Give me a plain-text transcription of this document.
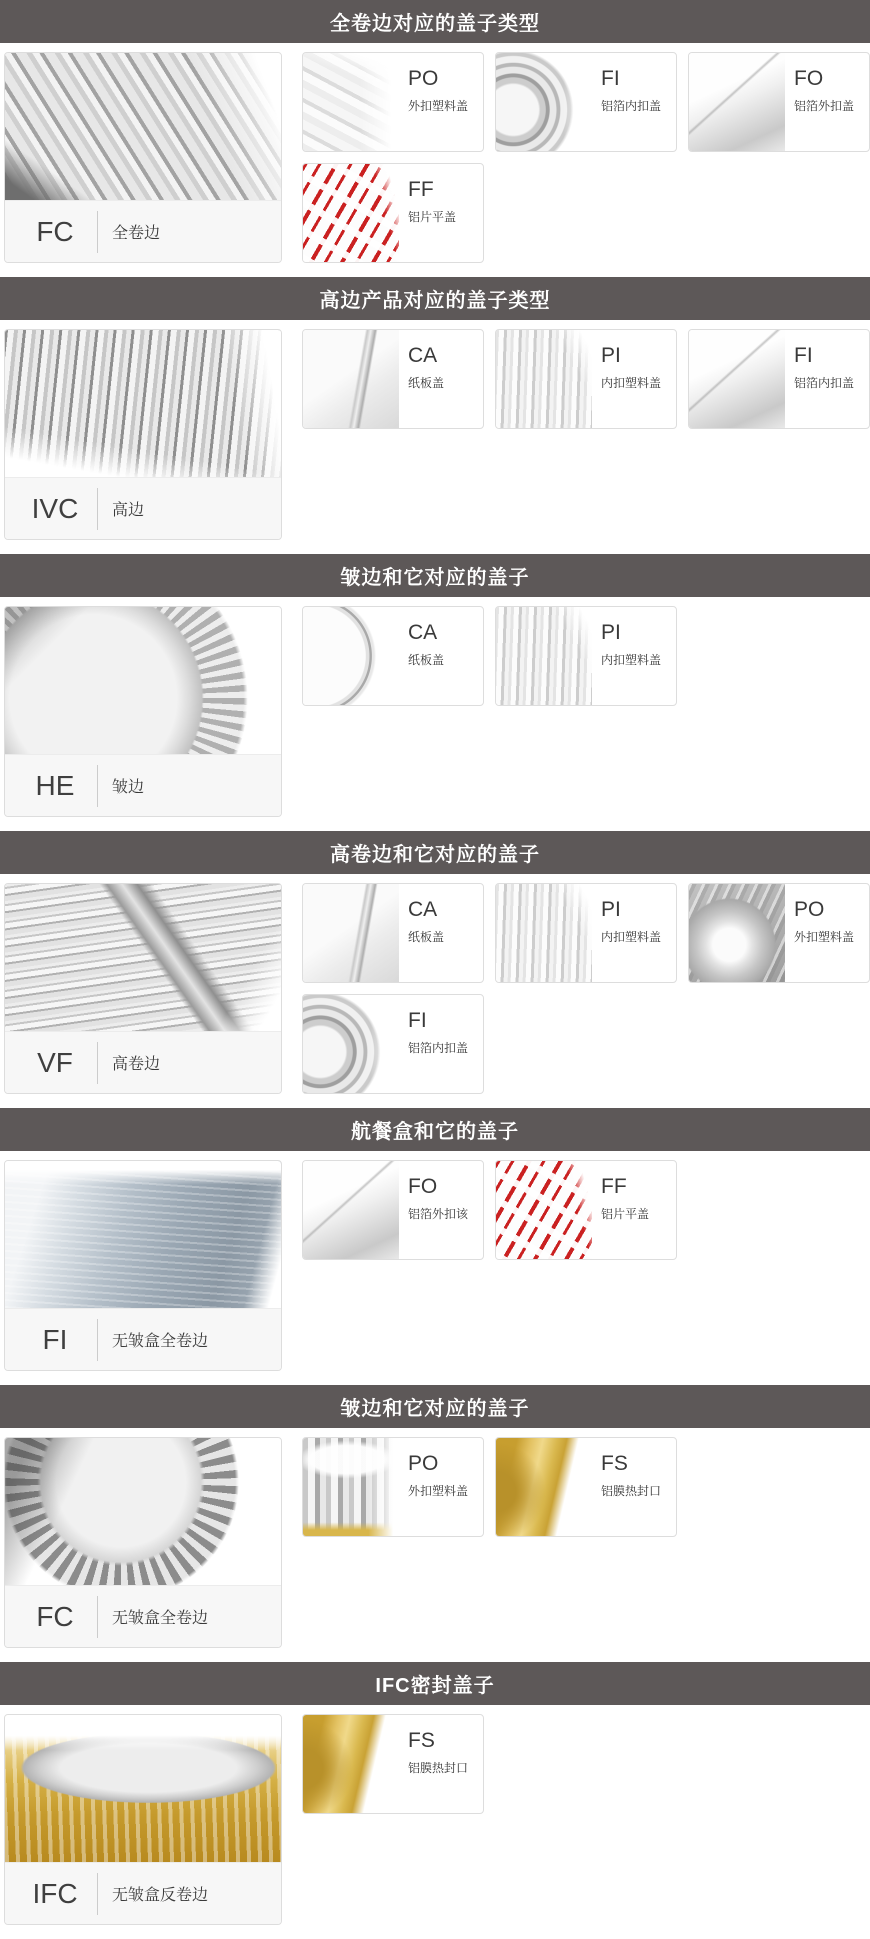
全卷边对应的盖子类型
FC	全卷边
PO
外扣塑料盖
FI
铝箔内扣盖
FO
铝箔外扣盖
FF
铝片平盖
高边产品对应的盖子类型
IVC 高边
CA
纸板盖
PI
内扣塑料盖
FI
铝箔内扣盖
皱边和它对应的盖子
HE	皱边
CA
纸板盖
PI
内扣塑料盖
高卷边和它对应的盖子
VF	高卷边
CA
纸板盖
PI
内扣塑料盖
PO
外扣塑料盖
FI
铝箔内扣盖
航餐盒和它的盖子
FI	无皱盒全卷边
FO
铝箔外扣该
FF
铝片平盖
皱边和它对应的盖子
FC	无皱盒全卷边
PO
外扣塑料盖
FS
铝膜热封口
IFC密封盖子
IFC	无皱盒反卷边
FS
铝膜热封口
